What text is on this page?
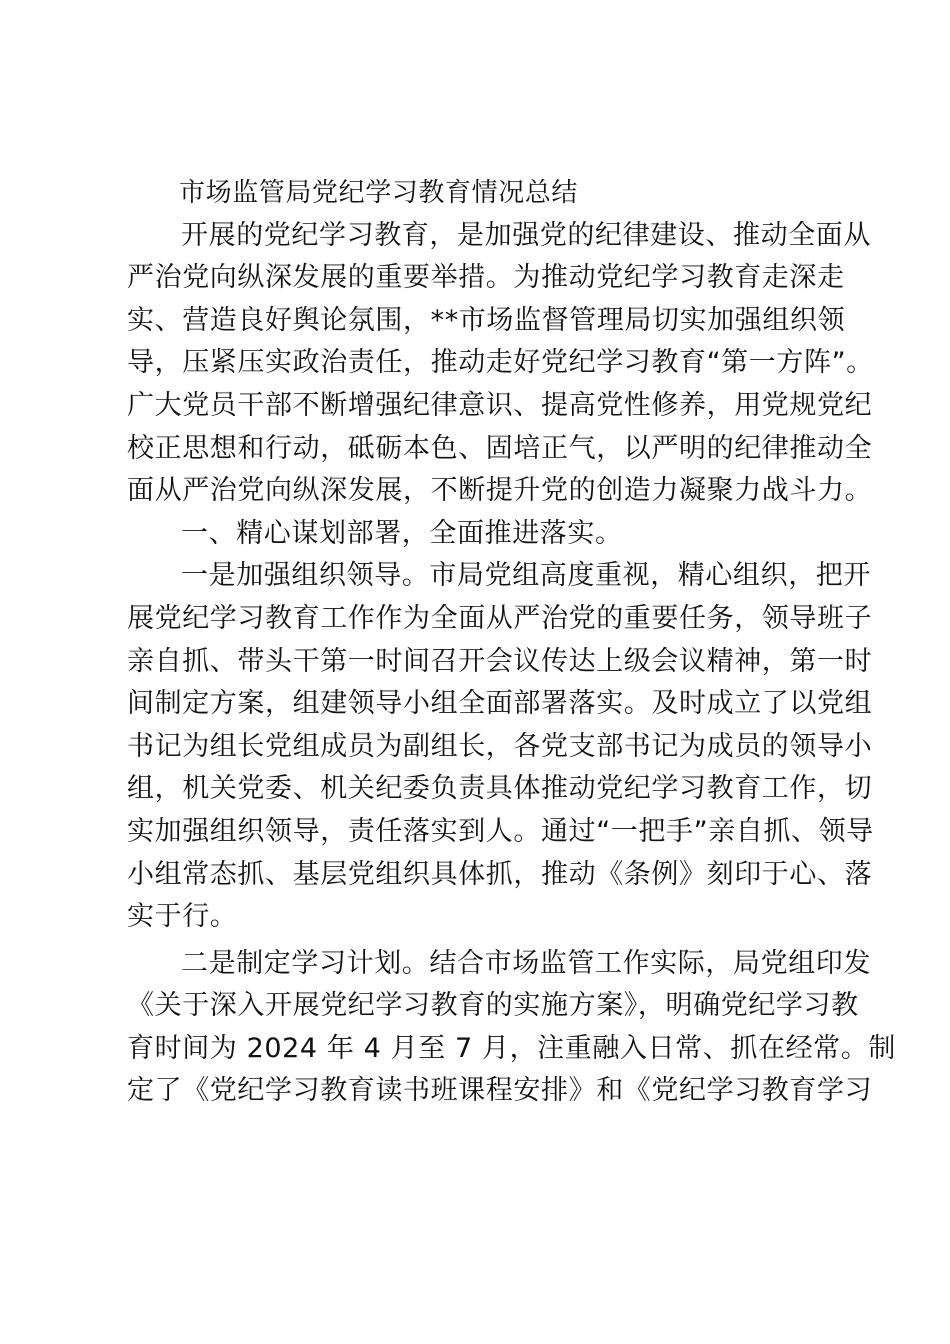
市场监管局党纪学习教育情况总结
开展的党纪学习教育，是加强党的纪律建设、推动全面从
严治党向纵深发展的重要举措。为推动党纪学习教育走深走
实、营造良好舆论氛围，**市场监督管理局切实加强组织领
导，压紧压实政治责任，推动走好党纪学习教育“第一方阵”。
广大党员干部不断增强纪律意识、提高党性修养，用党规党纪
校正思想和行动，砥砺本色、固培正气，以严明的纪律推动全
面从严治党向纵深发展，不断提升党的创造力凝聚力战斗力。
一、精心谋划部署，全面推进落实。
一是加强组织领导。市局党组高度重视，精心组织，把开
展党纪学习教育工作作为全面从严治党的重要任务，领导班子
亲自抓、带头干第一时间召开会议传达上级会议精神，第一时
间制定方案，组建领导小组全面部署落实。及时成立了以党组
书记为组长党组成员为副组长，各党支部书记为成员的领导小
组，机关党委、机关纪委负责具体推动党纪学习教育工作，切
实加强组织领导，责任落实到人。通过“一把手”亲自抓、领导
小组常态抓、基层党组织具体抓，推动《条例》刻印于心、落
实于行。
二是制定学习计划。结合市场监管工作实际，局党组印发
《关于深入开展党纪学习教育的实施方案》，明确党纪学习教
育时间为 2024 年 4 月至 7 月，注重融入日常、抓在经常。制
定了《党纪学习教育读书班课程安排》和《党纪学习教育学习
